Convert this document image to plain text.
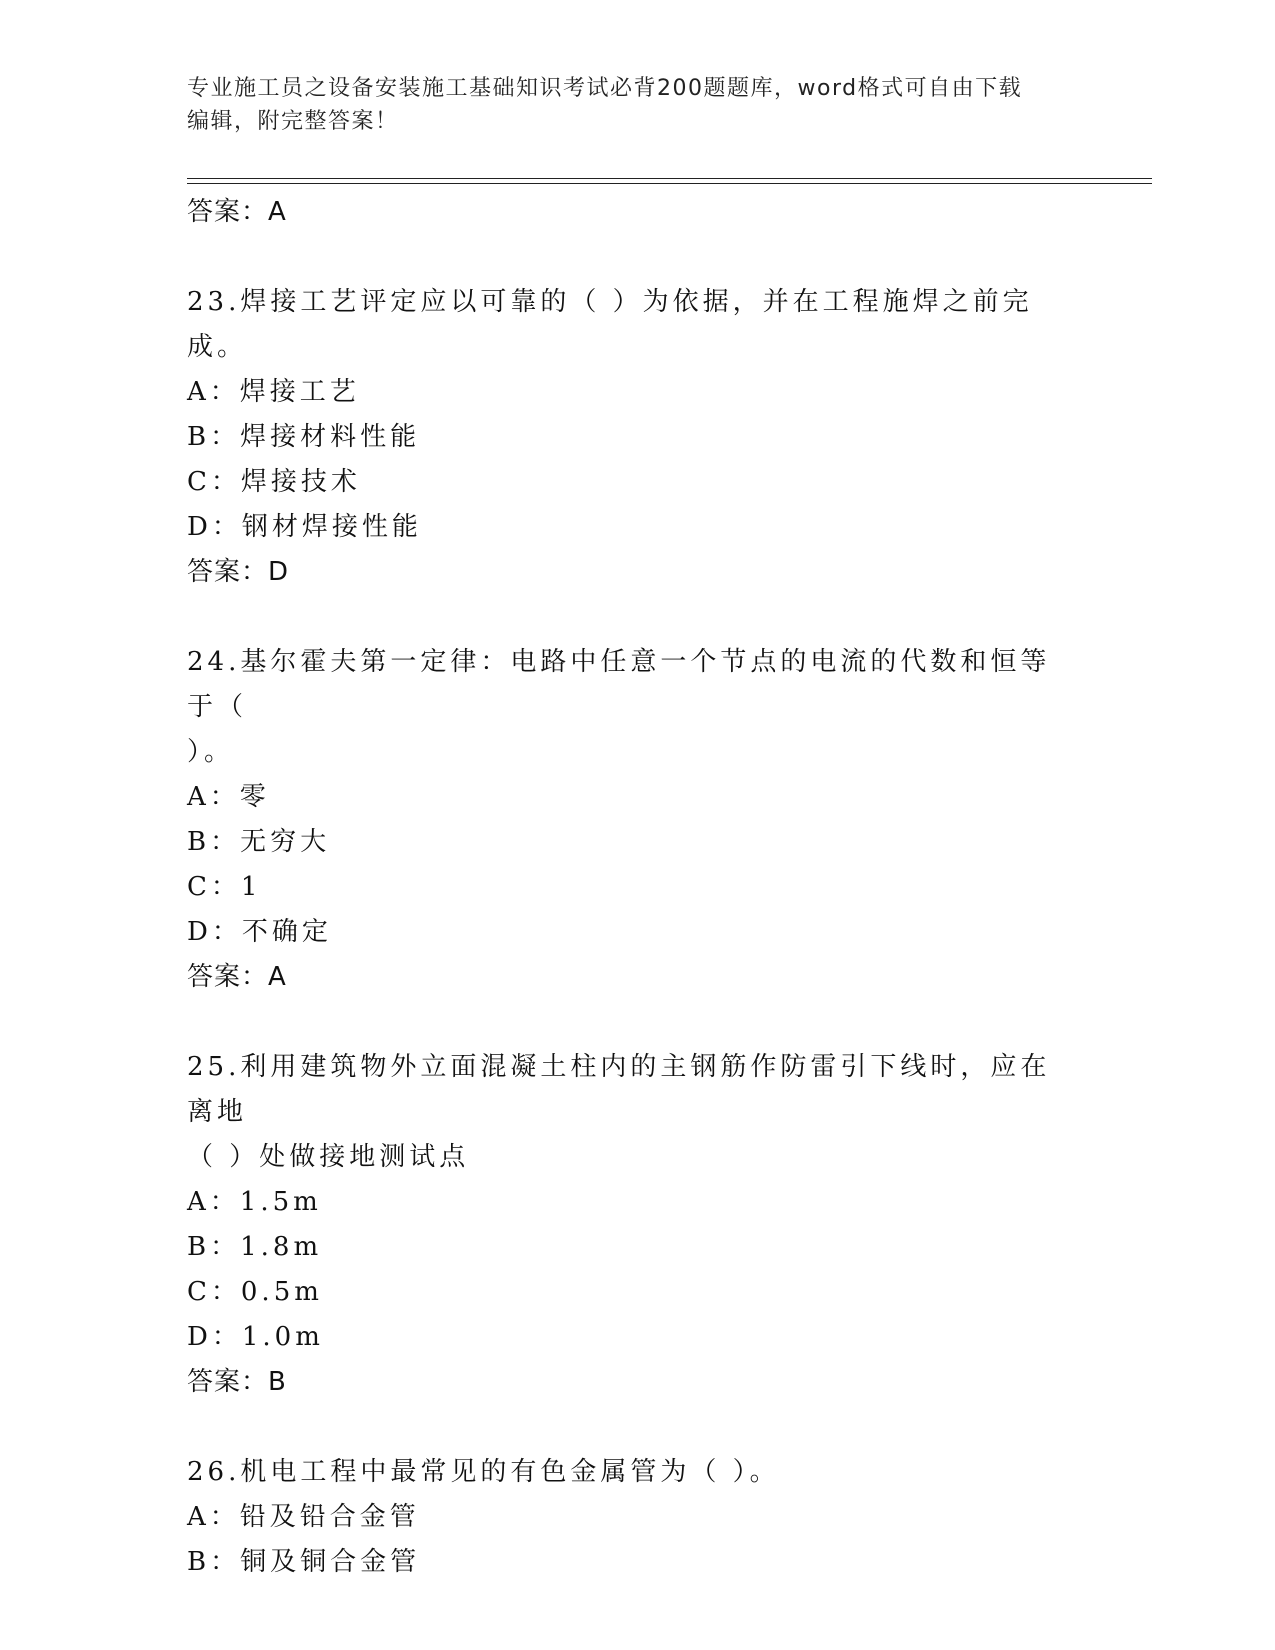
专业施工员之设备安装施工基础知识考试必背200题题库，word格式可自由下载
编辑，附完整答案！
答案：A
23.焊接工艺评定应以可靠的（ ）为依据，并在工程施焊之前完成。
A：焊接工艺
B：焊接材料性能
C：焊接技术
D：钢材焊接性能
答案：D
24.基尔霍夫第一定律：电路中任意一个节点的电流的代数和恒等于（
）。
A：零
B：无穷大
C：1
D：不确定
答案：A
25.利用建筑物外立面混凝土柱内的主钢筋作防雷引下线时，应在离地
（ ）处做接地测试点
A：1.5m
B：1.8m
C：0.5m
D：1.0m
答案：B
26.机电工程中最常见的有色金属管为（ ）。
A：铅及铅合金管
B：铜及铜合金管
